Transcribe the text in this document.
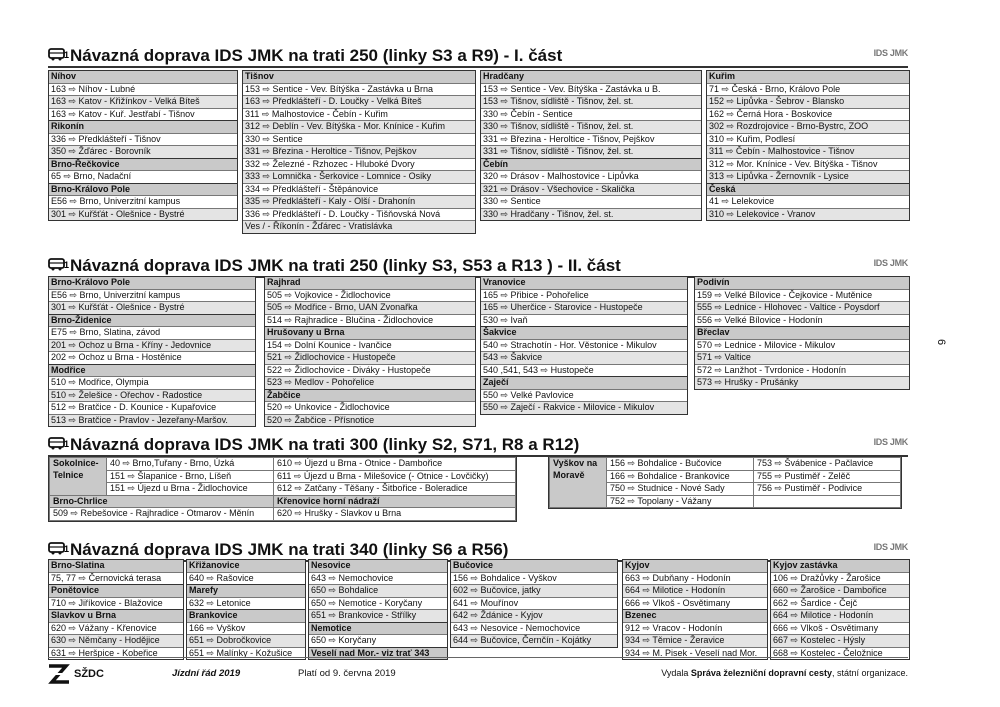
1 Návazná doprava IDS JMK na trati 250 (linky S3 a R9) - I. část	IDS JMK
Níhov
163 ⇨ Níhov - Lubné
163 ⇨ Katov - Křižínkov - Velká Bíteš
163 ⇨ Katov - Kuř. Jestřabí - Tišnov
Rikonín
336 ⇨ Předklášteří - Tišnov
350 ⇨ Žďárec - Borovník
Brno-Řečkovice
65 ⇨ Brno, Nadační
Brno-Královo Pole
E56 ⇨ Brno, Univerzitní kampus
301 ⇨ Kuřšťát - Olešnice - Bystré
Tišnov
153 ⇨ Sentice - Vev. Bítýška - Zastávka u Brna
163 ⇨ Předklášteří - D. Loučky - Velká Bíteš
311 ⇨ Malhostovice - Čebín - Kuřim
312 ⇨ Deblín - Vev. Bítýška - Mor. Knínice - Kuřim
330 ⇨ Sentice
331 ⇨ Březina - Heroltice - Tišnov, Pejškov
332 ⇨ Železné - Rzhozec - Hluboké Dvory
333 ⇨ Lomnička - Šerkovice - Lomnice - Osiky
334 ⇨ Předklášteří - Štěpánovice
335 ⇨ Předklášteří - Kaly - Olší - Drahonín
336 ⇨ Předklášteří - D. Loučky - Tišňovská Nová
Ves / - Říkonín - Žďárec - Vratislávka
Hradčany
153 ⇨ Sentice - Vev. Bítýška - Zastávka u B.
153 ⇨ Tišnov, sídliště - Tišnov, žel. st.
330 ⇨ Čebín - Sentice
330 ⇨ Tišnov, sídliště - Tišnov, žel. st.
331 ⇨ Březina - Heroltice - Tišnov, Pejškov
331 ⇨ Tišnov, sídliště - Tišnov, žel. st.
Čebín
320 ⇨ Drásov - Malhostovice - Lipůvka
321 ⇨ Drásov - Všechovice - Skalička
330 ⇨ Sentice
330 ⇨ Hradčany - Tišnov, žel. st.
Kuřim
71 ⇨ Česká - Brno, Královo Pole
152 ⇨ Lipůvka - Šebrov - Blansko
162 ⇨ Černá Hora - Boskovice
302 ⇨ Rozdrojovice - Brno-Bystrc, ZOO
310 ⇨ Kuřim, Podlesí
311 ⇨ Čebín - Malhostovice - Tišnov
312 ⇨ Mor. Knínice - Vev. Bítýška - Tišnov
313 ⇨ Lipůvka - Žernovník - Lysice
Česká
41 ⇨ Lelekovice
310 ⇨ Lelekovice - Vranov
1 Návazná doprava IDS JMK na trati 250 (linky S3, S53 a R13 ) - II. část	IDS JMK
Brno-Královo Pole
E56 ⇨ Brno, Univerzitní kampus
301 ⇨ Kuřšťát - Olešnice - Bystré
Brno-Židenice
E75 ⇨ Brno, Slatina, závod
201 ⇨ Ochoz u Brna - Kříny - Jedovnice
202 ⇨ Ochoz u Brna - Hostěnice
Modřice
510 ⇨ Modřice, Olympia
510 ⇨ Želešice - Ořechov - Radostice
512 ⇨ Bratčice - D. Kounice - Kupařovice
513 ⇨ Bratčice - Pravlov - Jezeřany-Maršov.
Rajhrad
505 ⇨ Vojkovice - Židlochovice
505 ⇨ Modřice - Brno, UAN Zvonařka
514 ⇨ Rajhradice - Blučina - Židlochovice
Hrušovany u Brna
154 ⇨ Dolní Kounice - Ivančice
521 ⇨ Židlochovice - Hustopeče
522 ⇨ Židlochovice - Diváky - Hustopeče
523 ⇨ Medlov - Pohořelice
Žabčice
520 ⇨ Unkovice - Židlochovice
520 ⇨ Žabčice - Přísnotice
Vranovice
165 ⇨ Přibice - Pohořelice
165 ⇨ Uherčice - Starovice - Hustopeče
530 ⇨ Ivaň
Šakvice
540 ⇨ Strachotín - Hor. Věstonice - Mikulov
543 ⇨ Šakvice
540 ,541, 543 ⇨ Hustopeče
Zaječí
550 ⇨ Velké Pavlovice
550 ⇨ Zaječí - Rakvice - Milovice - Mikulov
Podivín
159 ⇨ Velké Bílovice - Čejkovice - Mutěnice
555 ⇨ Lednice - Hlohovec - Valtice - Poysdorf
556 ⇨ Velké Bílovice - Hodonín
Břeclav
570 ⇨ Lednice - Milovice - Mikulov
571 ⇨ Valtice
572 ⇨ Lanžhot - Tvrdonice - Hodonín
573 ⇨ Hrušky - Prušánky
1 Návazná doprava IDS JMK na trati 300 (linky S2, S71, R8 a R12)	IDS JMK
Sokolnice-Telnice	40 ⇨ Brno,Tuřany - Brno, Úzká	610 ⇨ Újezd u Brna - Otnice - Dambořice
	151 ⇨ Šlapanice - Brno, Líšeň	611 ⇨ Újezd u Brna - Milešovice (- Otnice - Lovčičky)
	151 ⇨ Újezd u Brna - Židlochovice	612 ⇨ Zatčany - Těšany - Šitbořice - Boleradice
Brno-Chrlice		Křenovice horní nádraží
509 ⇨ Rebešovice - Rajhradice - Otmarov - Měnín		620 ⇨ Hrušky - Slavkov u Brna
Vyškov na Moravě	156 ⇨ Bohdalice - Bučovice	753 ⇨ Švábenice - Pačlavice
	166 ⇨ Bohdalice - Brankovice	755 ⇨ Pustiměř - Zelěč
	750 ⇨ Studnice - Nové Sady	756 ⇨ Pustiměř - Podivice
	752 ⇨ Topolany - Vážany	
1 Návazná doprava IDS JMK na trati 340 (linky S6 a R56)	IDS JMK
Brno-Slatina
75, 77 ⇨ Černovická terasa
Ponětovice
710 ⇨ Jiříkovice - Blažovice
Slavkov u Brna
620 ⇨ Vážany - Křenovice
630 ⇨ Němčany - Hodějice
631 ⇨ Heršpice - Kobeřice
Křižanovice
640 ⇨ Rašovice
Marefy
632 ⇨ Letonice
Brankovice
166 ⇨ Vyškov
651 ⇨ Dobročkovice
651 ⇨ Malínky - Kožušice
Nesovice
643 ⇨ Nemochovice
650 ⇨ Bohdalice
650 ⇨ Nemotice - Koryčany
651 ⇨ Brankovice - Střílky
Nemotice
650 ⇨ Koryčany
Veselí nad Mor.- viz trať 343
Bučovice
156 ⇨ Bohdalice - Vyškov
602 ⇨ Bučovice, jatky
641 ⇨ Mouřínov
642 ⇨ Ždánice - Kyjov
643 ⇨ Nesovice - Nemochovice
644 ⇨ Bučovice, Černčín - Kojátky
Kyjov
663 ⇨ Dubňany - Hodonín
664 ⇨ Milotice - Hodonín
666 ⇨ Vlkoš - Osvětimany
Bzenec
912 ⇨ Vracov - Hodonín
934 ⇨ Těmice - Žeravice
934 ⇨ M. Pisek - Veselí nad Mor.
Kyjov zastávka
106 ⇨ Dražůvky - Žarošice
660 ⇨ Žarošice - Dambořice
662 ⇨ Šardice - Čejč
664 ⇨ Milotice - Hodonín
666 ⇨ Vlkoš - Osvětimany
667 ⇨ Kostelec - Hýsly
668 ⇨ Kostelec - Čeložnice
6
SŽDC	Jízdní řád 2019	Platí od 9. června 2019	Vydala Správa železniční dopravní cesty, státní organizace.
